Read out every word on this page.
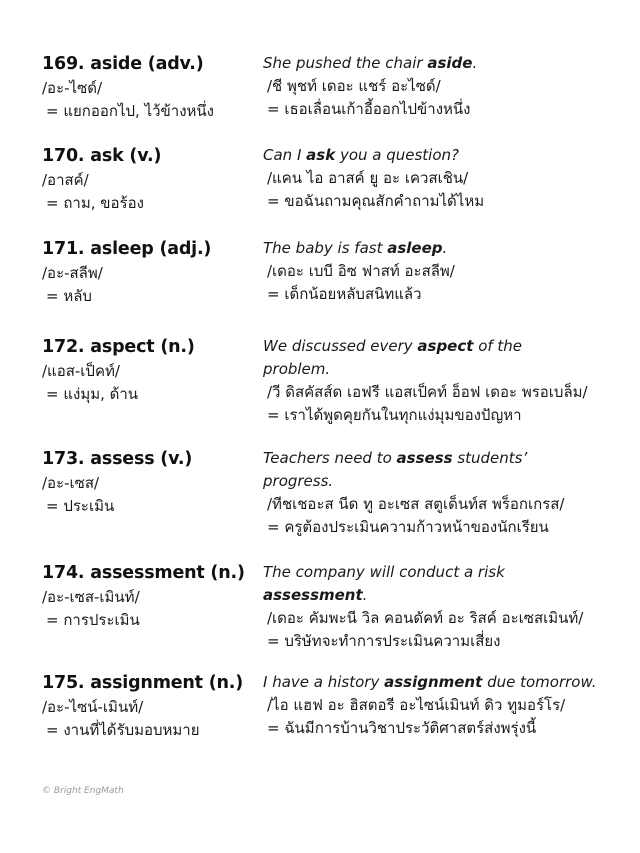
169. aside (adv.)
/อะ-ไซด์/
= แยกออกไป, ไว้ข้างหนึ่ง
She pushed the chair aside.
/ชี พุชท์ เดอะ แชร์ อะไซด์/
= เธอเลื่อนเก้าอี้ออกไปข้างหนึ่ง
170. ask (v.)
/อาสค์/
= ถาม, ขอร้อง
Can I ask you a question?
/แคน ไอ อาสค์ ยู อะ เควสเชิน/
= ขอฉันถามคุณสักคำถามได้ไหม
171. asleep (adj.)
/อะ-สลีพ/
= หลับ
The baby is fast asleep.
/เดอะ เบบี อิซ ฟาสท์ อะสลีพ/
= เด็กน้อยหลับสนิทแล้ว
172. aspect (n.)
/แอส-เป็คท์/
= แง่มุม, ด้าน
We discussed every aspect of the problem.
/วี ดิสคัสส์ด เอฟรี แอสเป็คท์ อ็อฟ เดอะ พรอเบล็ม/
= เราได้พูดคุยกันในทุกแง่มุมของปัญหา
173. assess (v.)
/อะ-เซส/
= ประเมิน
Teachers need to assess students’ progress.
/ทีชเชอะส นีด ทู อะเซส สตูเด็นท์ส พร็อกเกรส/
= ครูต้องประเมินความก้าวหน้าของนักเรียน
174. assessment (n.)
/อะ-เซส-เมินท์/
= การประเมิน
The company will conduct a risk assessment.
/เดอะ คัมพะนี วิล คอนดัคท์ อะ ริสค์ อะเซสเมินท์/
= บริษัทจะทำการประเมินความเสี่ยง
175. assignment (n.)
/อะ-ไซน์-เมินท์/
= งานที่ได้รับมอบหมาย
I have a history assignment due tomorrow.
/ไอ แฮฟ อะ ฮิสตอรี อะไซน์เมินท์ ดิว ทูมอร์โร/
= ฉันมีการบ้านวิชาประวัติศาสตร์ส่งพรุ่งนี้
© Bright EngMath
